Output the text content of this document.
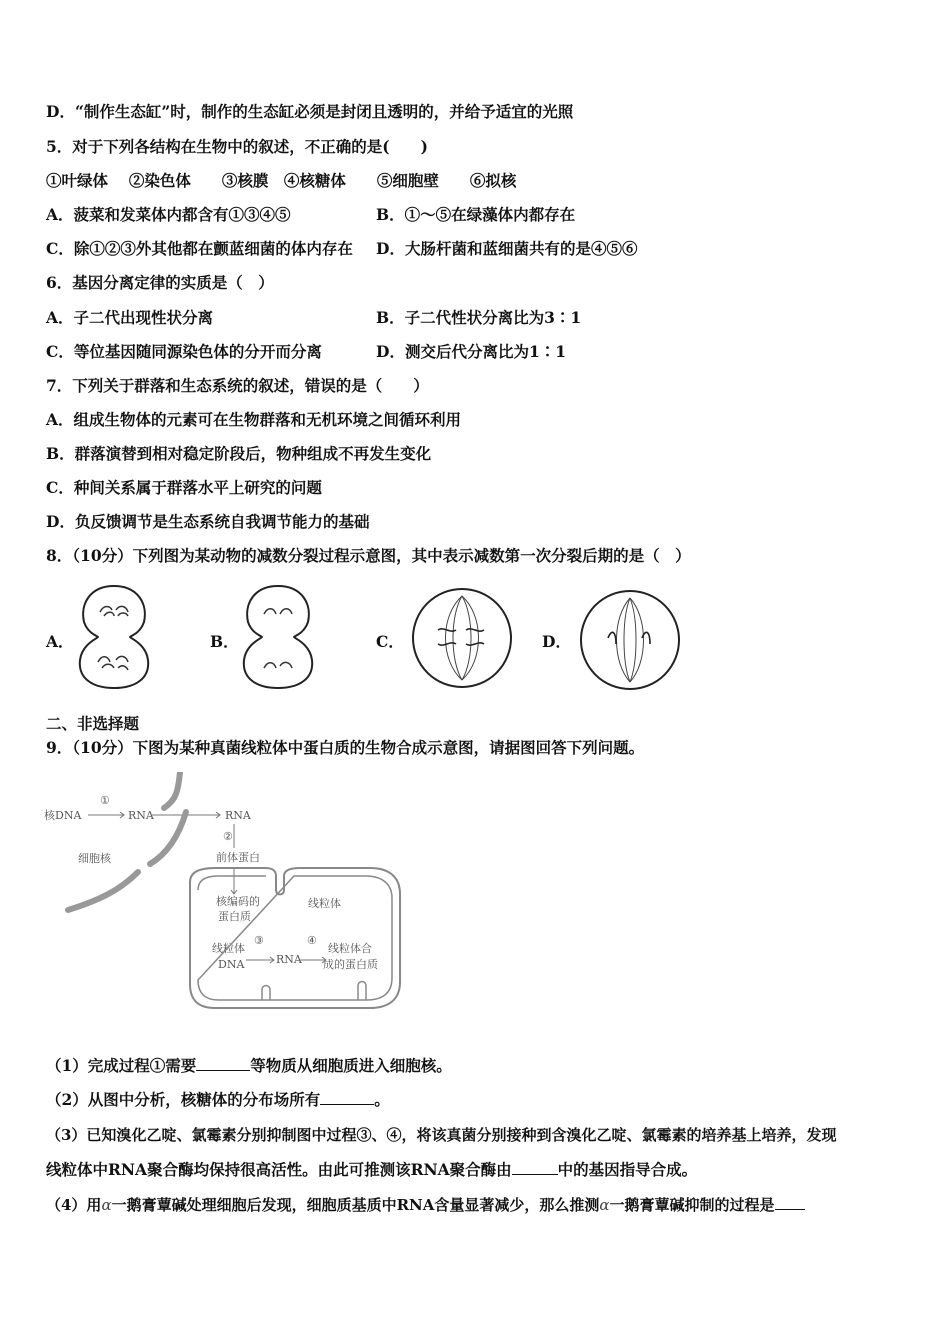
D．“制作生态缸”时，制作的生态缸必须是封闭且透明的，并给予适宜的光照
5．对于下列各结构在生物中的叙述，不正确的是(　　)
①叶绿体　 ②染色体　　③核膜　④核糖体　　⑤细胞壁　　⑥拟核
A．菠菜和发菜体内都含有①③④⑤	B．①～⑤在绿藻体内都存在
C．除①②③外其他都在颤蓝细菌的体内存在 D．大肠杆菌和蓝细菌共有的是④⑤⑥
6．基因分离定律的实质是（　）
A．子二代出现性状分离	B．子二代性状分离比为3∶1
C．等位基因随同源染色体的分开而分离	D．测交后代分离比为1∶1
7．下列关于群落和生态系统的叙述，错误的是（　　）
A．组成生物体的元素可在生物群落和无机环境之间循环利用
B．群落演替到相对稳定阶段后，物种组成不再发生变化
C．种间关系属于群落水平上研究的问题
D．负反馈调节是生态系统自我调节能力的基础
8．（10分）下列图为某动物的减数分裂过程示意图，其中表示减数第一次分裂后期的是（　）
A．	B．	C．	D．
二、非选择题
9．（10分）下图为某种真菌线粒体中蛋白质的生物合成示意图，请据图回答下列问题。
核DNA
①
RNA	RNA
②
细胞核	前体蛋白
核编码的
蛋白质
线粒体
线粒体
DNA
③
RNA
④
线粒体合
成的蛋白质
（1）完成过程①需要	等物质从细胞质进入细胞核。
（2）从图中分析，核糖体的分布场所有	。
（3）已知溴化乙啶、氯霉素分别抑制图中过程③、④，将该真菌分别接种到含溴化乙啶、氯霉素的培养基上培养，发现
线粒体中RNA聚合酶均保持很高活性。由此可推测该RNA聚合酶由	中的基因指导合成。
（4）用α一鹅膏蕈碱处理细胞后发现，细胞质基质中RNA含量显著减少，那么推测α一鹅膏蕈碱抑制的过程是
